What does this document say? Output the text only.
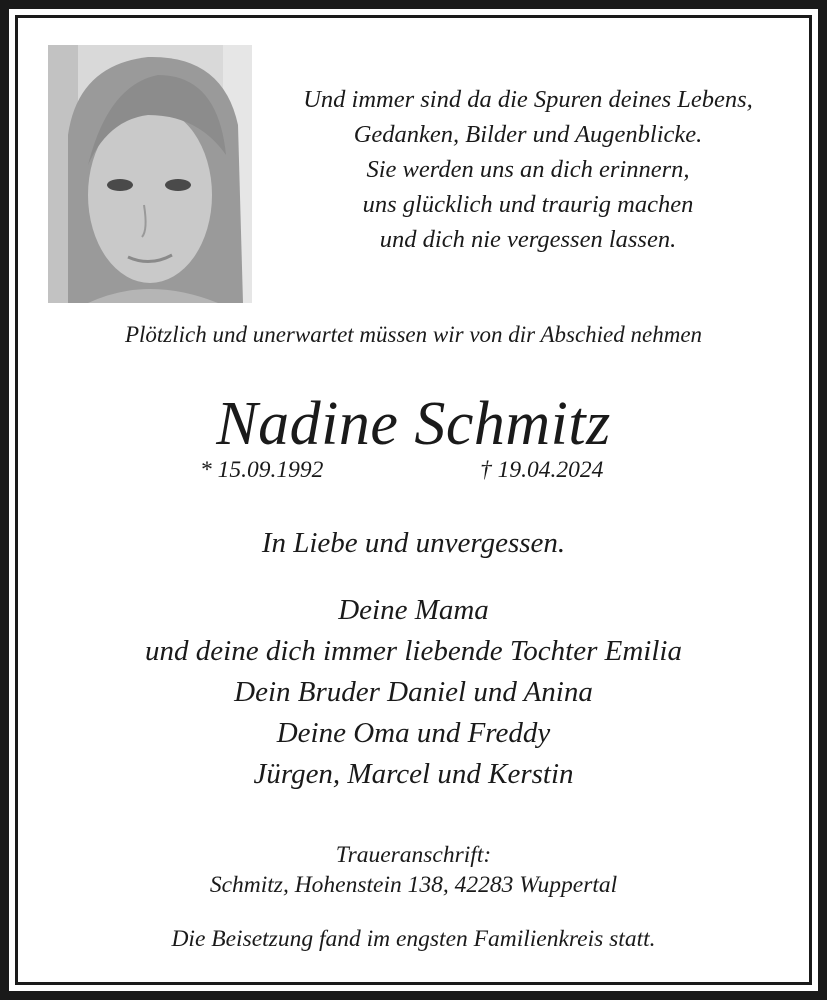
Und immer sind da die Spuren deines Lebens,
Gedanken, Bilder und Augenblicke.
Sie werden uns an dich erinnern,
uns glücklich und traurig machen
und dich nie vergessen lassen.
Plötzlich und unerwartet müssen wir von dir Abschied nehmen
Nadine Schmitz
* 15.09.1992	† 19.04.2024
In Liebe und unvergessen.
Deine Mama
und deine dich immer liebende Tochter Emilia
Dein Bruder Daniel und Anina
Deine Oma und Freddy
Jürgen, Marcel und Kerstin
Traueranschrift:
Schmitz, Hohenstein 138, 42283 Wuppertal
Die Beisetzung fand im engsten Familienkreis statt.
